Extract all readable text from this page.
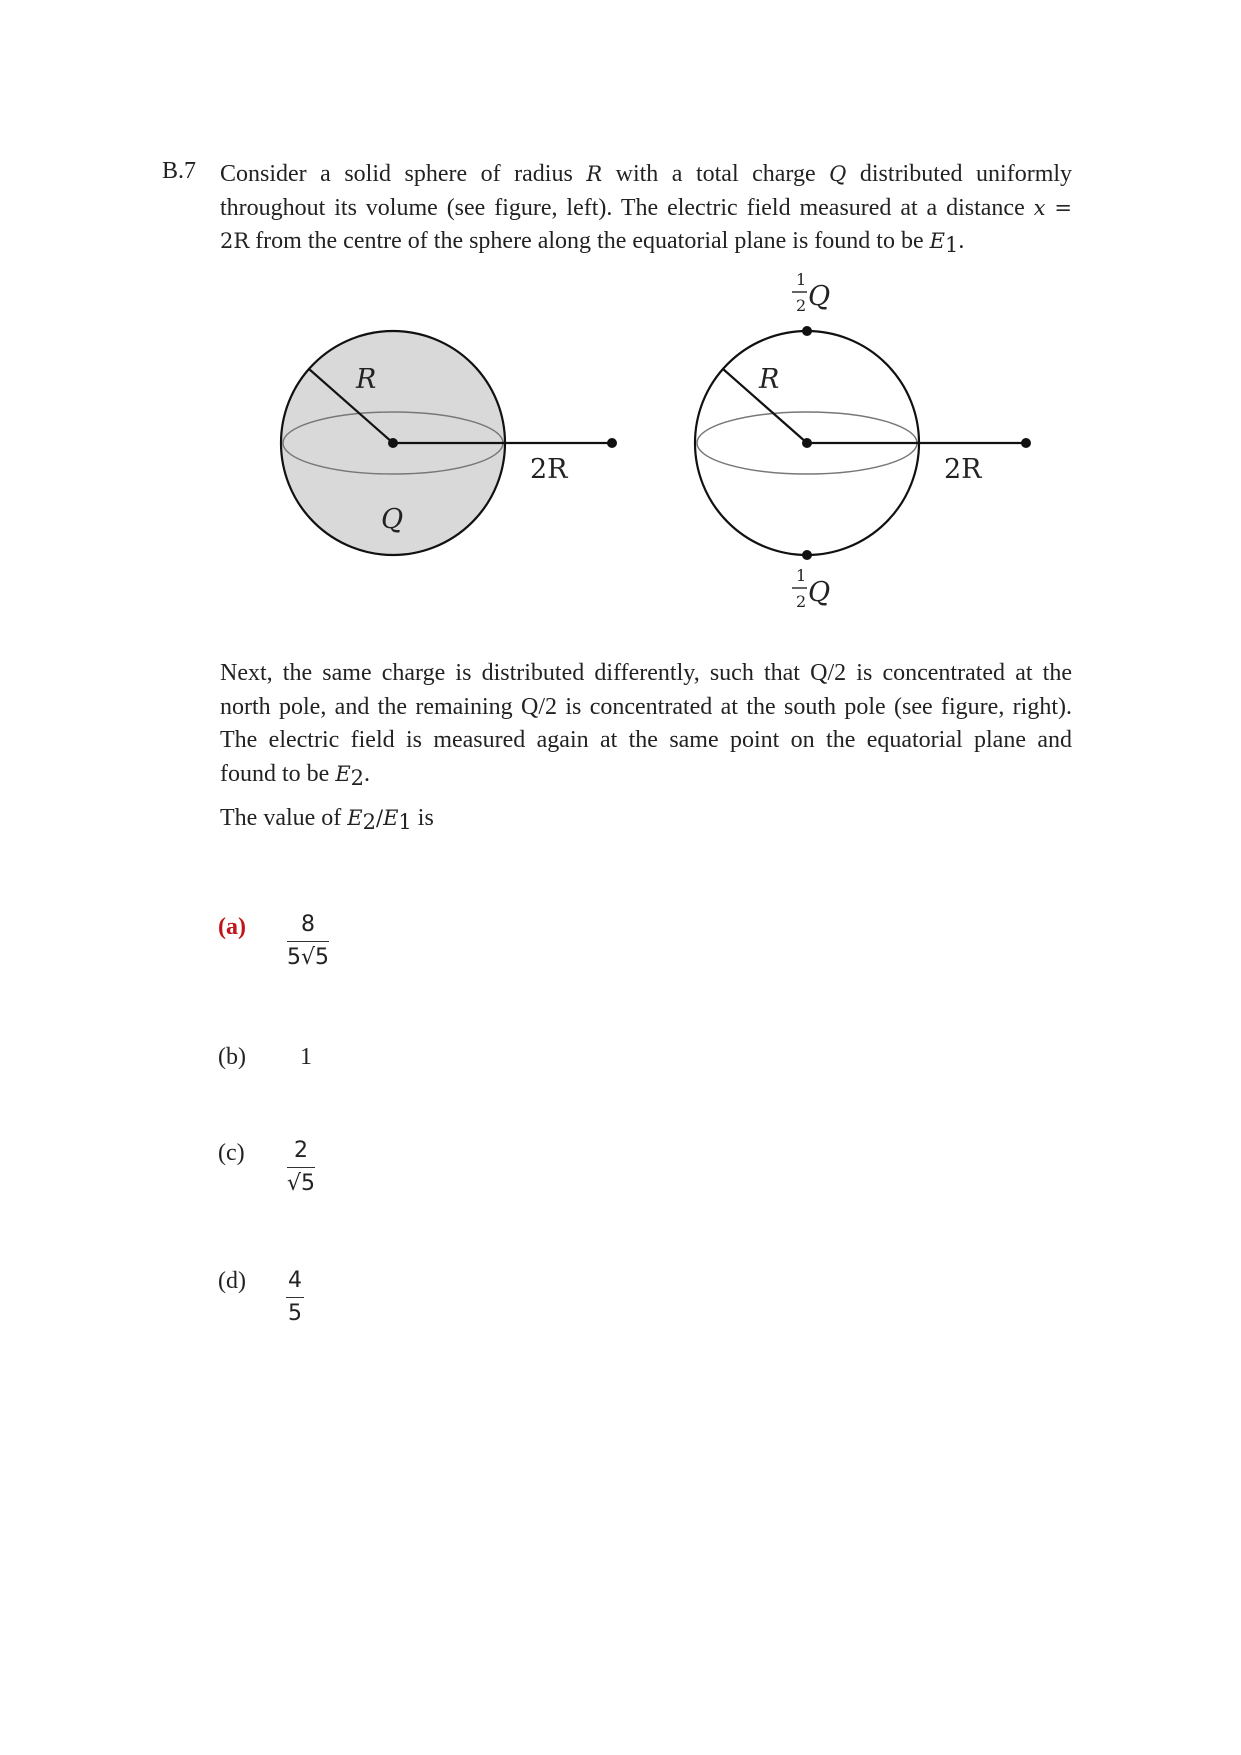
B.7 Consider a solid sphere of radius R with a total charge Q distributed uniformly
throughout its volume (see figure, left). The electric field measured at a distance x =
2R from the centre of the sphere along the equatorial plane is found to be $E_1$.
R
Q
2R
R
2R
1
2 Q
1
2 Q
Next, the same charge is distributed differently, such that Q/2 is concentrated at the
north pole, and the remaining Q/2 is concentrated at the south pole (see figure, right).
The electric field is measured again at the same point on the equatorial plane and
found to be $E_2$.
The value of $E_2/E_1$ is
(a)	8
5√5
(b) 1
(c)	2
√5
(d) 4
5
